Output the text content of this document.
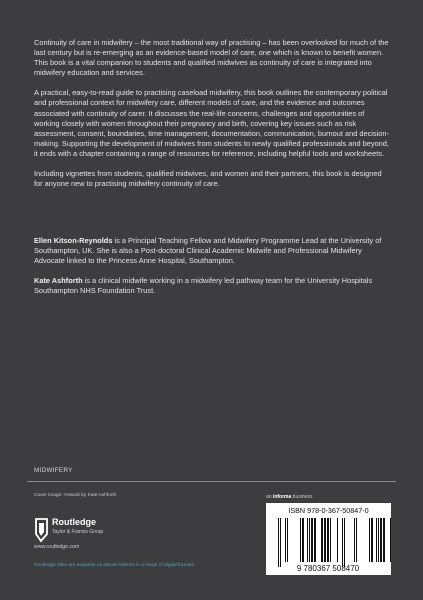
Continuity of care in midwifery – the most traditional way of practising – has been overlooked for much of the last century but is re-emerging as an evidence-based model of care, one which is known to benefit women. This book is a vital companion to students and qualified midwives as continuity of care is integrated into midwifery education and services.

A practical, easy-to-read guide to practising caseload midwifery, this book outlines the contemporary political and professional context for midwifery care, different models of care, and the evidence and outcomes associated with continuity of carer. It discusses the real-life concerns, challenges and opportunities of working closely with women throughout their pregnancy and birth, covering key issues such as risk assessment, consent, boundaries, time management, documentation, communication, burnout and decision-making. Supporting the development of midwives from students to newly qualified professionals and beyond, it ends with a chapter containing a range of resources for reference, including helpful tools and worksheets.

Including vignettes from students, qualified midwives, and women and their partners, this book is designed for anyone new to practising midwifery continuity of care.

Ellen Kitson-Reynolds is a Principal Teaching Fellow and Midwifery Programme Lead at the University of Southampton, UK. She is also a Post-doctoral Clinical Academic Midwife and Professional Midwifery Advocate linked to the Princess Anne Hospital, Southampton.

Kate Ashforth is a clinical midwife working in a midwifery led pathway team for the University Hospitals Southampton NHS Foundation Trust.

MIDWIFERY
Cover image: Artwork by Kate Ashforth
Routledge
Taylor & Francis Group
www.routledge.com
Routledge titles are available as eBook editions in a range of digital formats
an informa business
9 780367 508470
ISBN 978-0-367-50847-0
